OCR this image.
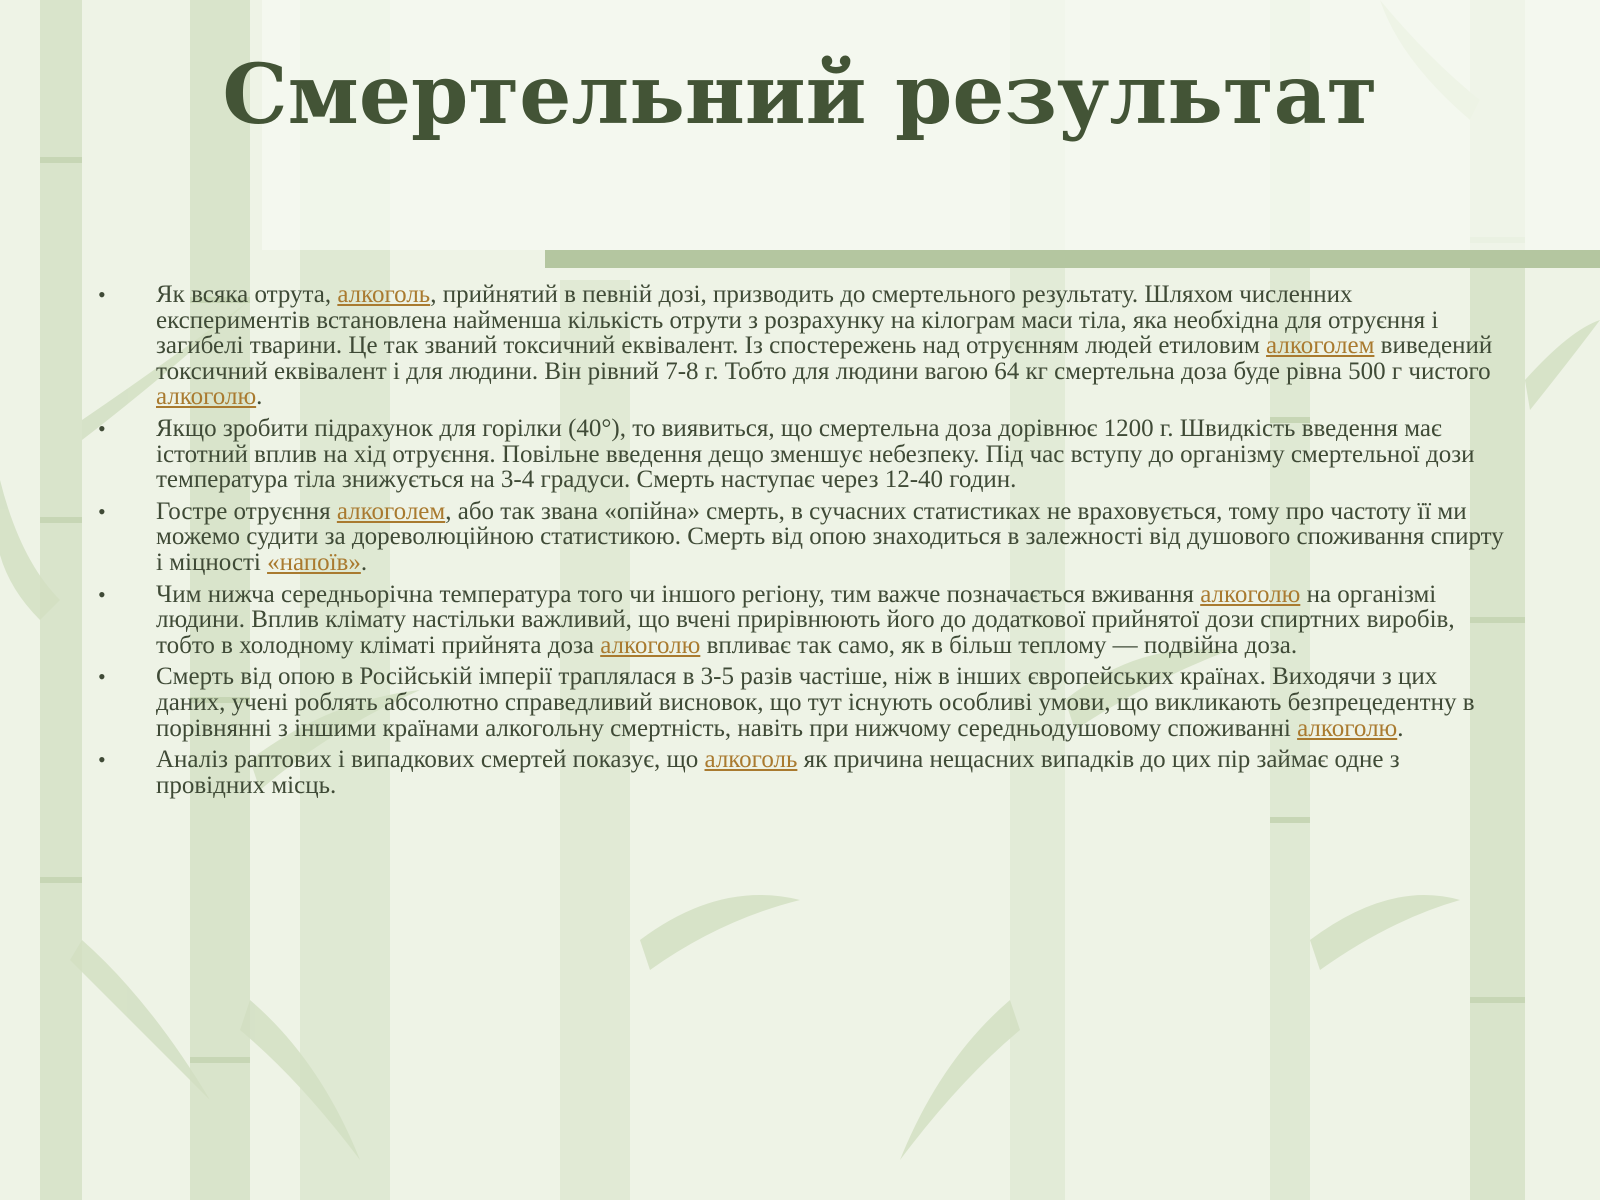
Смертельний результат
• Як всяка отрута, алкоголь, прийнятий в певній дозі, призводить до смертельного результату. Шляхом численних експериментів встановлена найменша кількість отрути з розрахунку на кілограм маси тіла, яка необхідна для отруєння і загибелі тварини. Це так званий токсичний еквівалент. Із спостережень над отруєнням людей етиловим алкоголем виведений токсичний еквівалент і для людини. Він рівний 7-8 г. Тобто для людини вагою 64 кг смертельна доза буде рівна 500 г чистого алкоголю.
• Якщо зробити підрахунок для горілки (40°), то виявиться, що смертельна доза дорівнює 1200 г. Швидкість введення має істотний вплив на хід отруєння. Повільне введення дещо зменшує небезпеку. Під час вступу до організму смертельної дози температура тіла знижується на 3-4 градуси. Смерть наступає через 12-40 годин.
• Гостре отруєння алкоголем, або так звана «опійна» смерть, в сучасних статистиках не враховується, тому про частоту її ми можемо судити за дореволюційною статистикою. Смерть від опою знаходиться в залежності від душового споживання спирту і міцності «напоїв».
• Чим нижча середньорічна температура того чи іншого регіону, тим важче позначається вживання алкоголю на організмі людини. Вплив клімату настільки важливий, що вчені прирівнюють його до додаткової прийнятої дози спиртних виробів, тобто в холодному кліматі прийнята доза алкоголю впливає так само, як в більш теплому — подвійна доза.
• Смерть від опою в Російській імперії траплялася в 3-5 разів частіше, ніж в інших європейських країнах. Виходячи з цих даних, учені роблять абсолютно справедливий висновок, що тут існують особливі умови, що викликають безпрецедентну в порівнянні з іншими країнами алкогольну смертність, навіть при нижчому середньодушовому споживанні алкоголю.
• Аналіз раптових і випадкових смертей показує, що алкоголь як причина нещасних випадків до цих пір займає одне з провідних місць.
